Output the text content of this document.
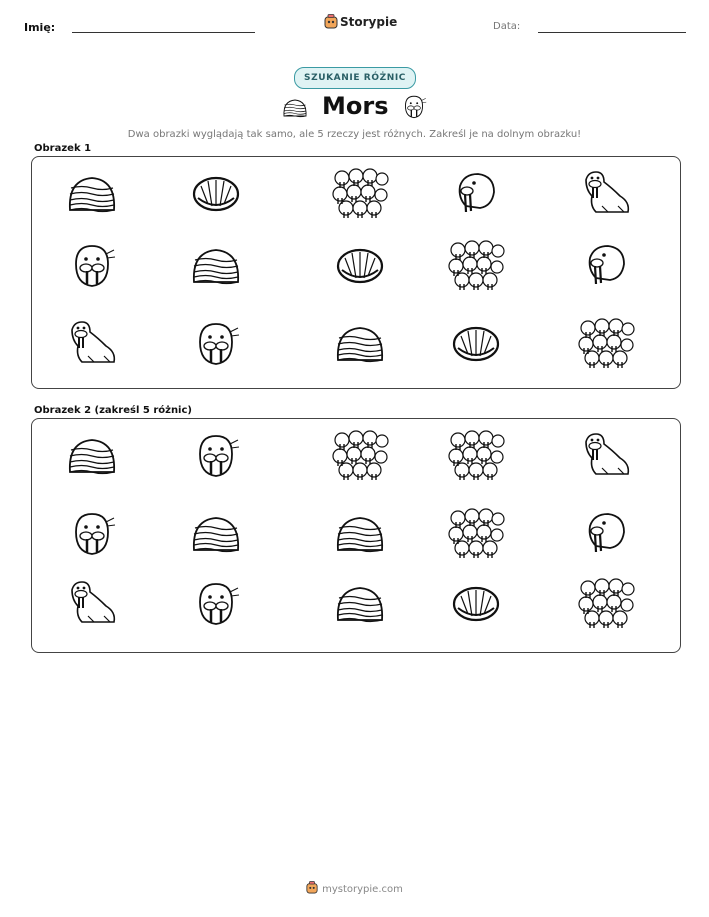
Imię:	Storypie	Data:
SZUKANIE RÓŻNIC
Mors
Dwa obrazki wyglądają tak samo, ale 5 rzeczy jest różnych. Zakreśl je na dolnym obrazku!
Obrazek 1
Obrazek 2 (zakreśl 5 różnic)
mystorypie.com
